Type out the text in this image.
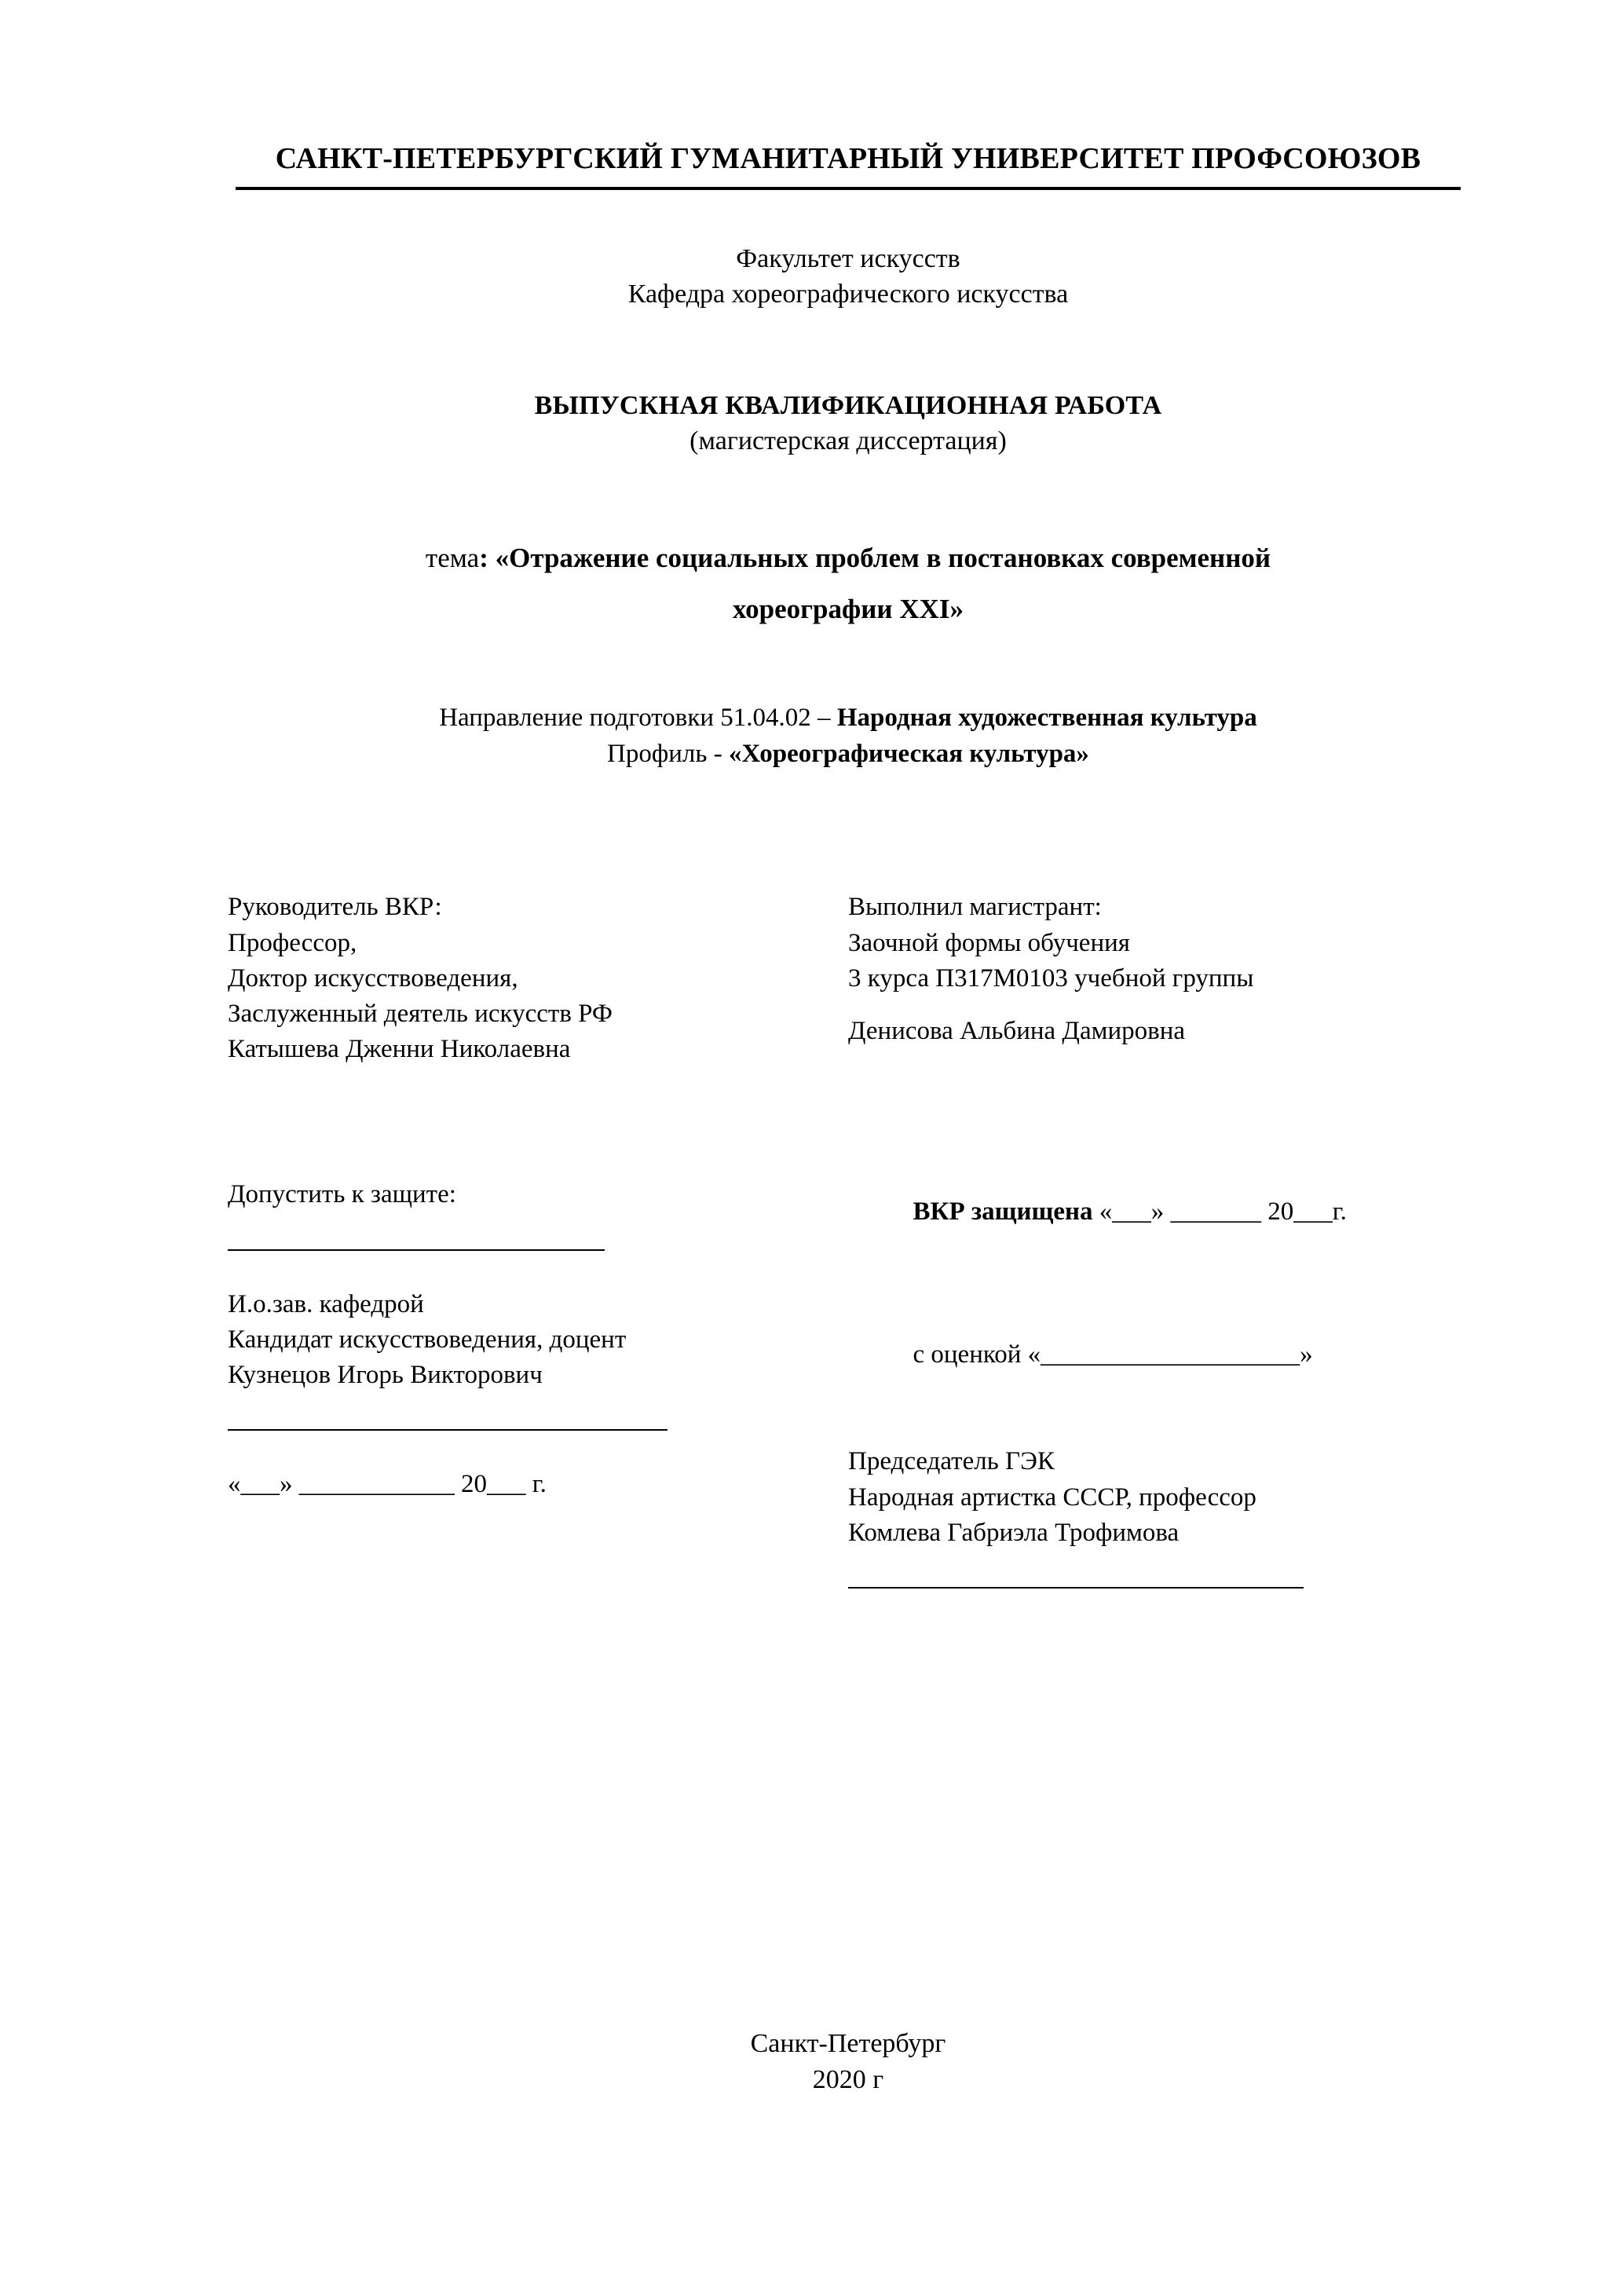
САНКТ-ПЕТЕРБУРГСКИЙ ГУМАНИТАРНЫЙ УНИВЕРСИТЕТ ПРОФСОЮЗОВ
Факультет искусств
Кафедра хореографического искусства
ВЫПУСКНАЯ КВАЛИФИКАЦИОННАЯ РАБОТА
(магистерская диссертация)
тема: «Отражение социальных проблем в постановках современной
хореографии XXI»
Направление подготовки 51.04.02 – Народная художественная культура
Профиль - «Хореографическая культура»
Руководитель ВКР:
Профессор,
Доктор искусствоведения,
Заслуженный деятель искусств РФ
Катышева Дженни Николаевна
Допустить к защите:
И.о.зав. кафедрой
Кандидат искусствоведения, доцент
Кузнецов Игорь Викторович
«___» ____________ 20___ г.
Выполнил магистрант:
Заочной формы обучения
3 курса П317М0103 учебной группы
Денисова Альбина Дамировна

ВКР защищена «___» _______ 20___г.

с оценкой «____________________»

Председатель ГЭК
Народная артистка СССР, профессор
Комлева Габриэла Трофимова
Санкт-Петербург
2020 г
